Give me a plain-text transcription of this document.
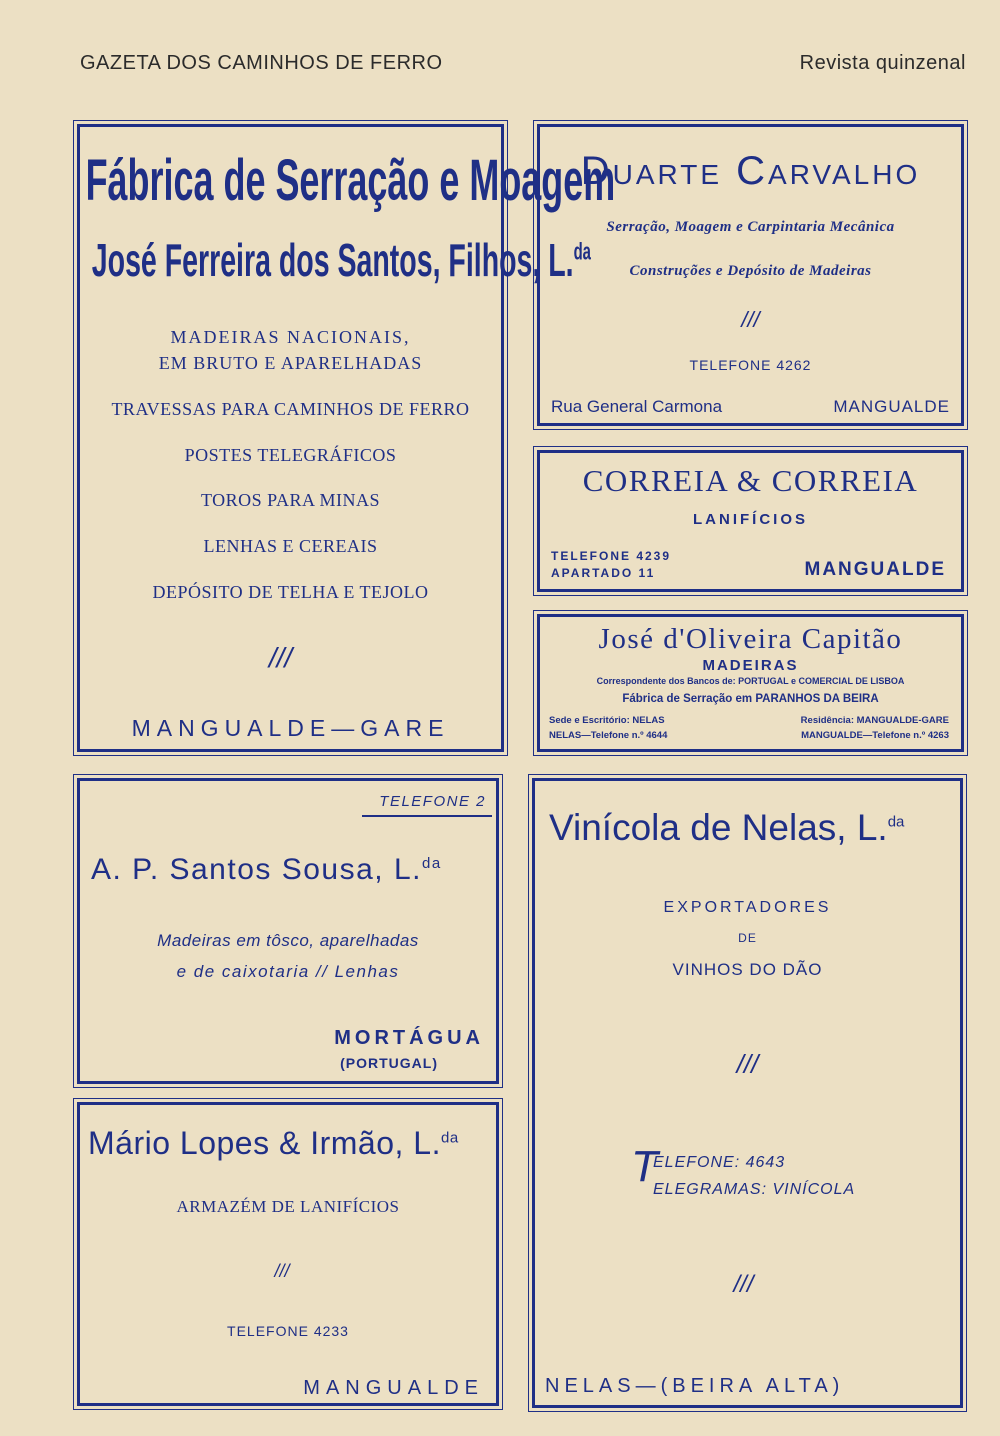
GAZETA DOS CAMINHOS DE FERRO	Revista quinzenal
Fábrica de Serração e Moagem
José Ferreira dos Santos, Filhos, L.$^{da}$
MADEIRAS NACIONAIS,
EM BRUTO E APARELHADAS
TRAVESSAS PARA CAMINHOS DE FERRO
POSTES TELEGRÁFICOS
TOROS PARA MINAS
LENHAS E CEREAIS
DEPÓSITO DE TELHA E TEJOLO
///
MANGUALDE—GARE
Duarte Carvalho
Serração, Moagem e Carpintaria Mecânica
Construções e Depósito de Madeiras
///
TELEFONE 4262
Rua General Carmona	MANGUALDE
CORREIA & CORREIA
LANIFÍCIOS
TELEFONE 4239
APARTADO 11	MANGUALDE
José d'Oliveira Capitão
MADEIRAS
Correspondente dos Bancos de: PORTUGAL e COMERCIAL DE LISBOA
Fábrica de Serração em PARANHOS DA BEIRA
Sede e Escritório: NELAS
NELAS—Telefone n.º 4644
Residência: MANGUALDE-GARE
MANGUALDE—Telefone n.º 4263
TELEFONE 2
A. P. Santos Sousa, L.$^{da}$
Madeiras em tôsco, aparelhadas
e de caixotaria // Lenhas
MORTÁGUA
(PORTUGAL)
Mário Lopes & Irmão, L.$^{da}$
ARMAZÉM DE LANIFÍCIOS
///
TELEFONE 4233
MANGUALDE
Vinícola de Nelas, L.$^{da}$
EXPORTADORES
DE
VINHOS DO DÃO
///
T
ELEFONE: 4643
ELEGRAMAS: VINÍCOLA
///
NELAS—(BEIRA ALTA)
